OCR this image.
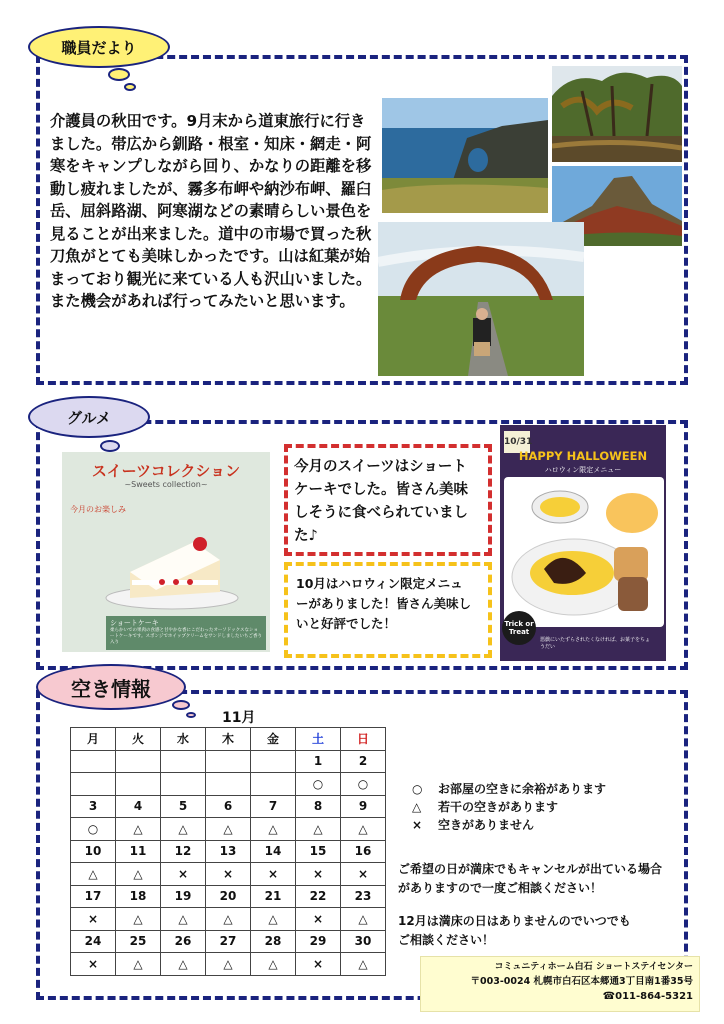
職員だより
介護員の秋田です。9月末から道東旅行に行きました。帯広から釧路・根室・知床・網走・阿寒をキャンプしながら回り、かなりの距離を移動し疲れましたが、霧多布岬や納沙布岬、羅臼岳、屈斜路湖、阿寒湖などの素晴らしい景色を見ることが出来ました。道中の市場で買った秋刀魚がとても美味しかったです。山は紅葉が始まっており観光に来ている人も沢山いました。また機会があれば行ってみたいと思います。
グルメ
スイーツコレクション
~Sweets collection~
今月のお楽しみ
ショートケーキ
柔らかいでの果肉の食感と甘やかな香にこだわったオーソドックスなショートケーキです。スポンジでホイップクリームをサンドしましたいちご香り入り
今月のスイーツはショートケーキでした。皆さん美味しそうに食べられていました♪
10月はハロウィン限定メニューがありました！皆さん美味しいと好評でした！
10/31
HAPPY HALLOWEEN
ハロウィン限定メニュー
Trick or Treat
悪戯にいたずらされたくなければ、お菓子をちょうだい
空き情報
11月
月	火	水	木	金	土	日
					1	2
					○	○
3	4	5	6	7	8	9
○	△	△	△	△	△	△
10	11	12	13	14	15	16
△	△	×	×	×	×	×
17	18	19	20	21	22	23
×	△	△	△	△	×	△
24	25	26	27	28	29	30
×	△	△	△	△	×	△
○ お部屋の空きに余裕があります
△ 若干の空きがあります
× 空きがありません
ご希望の日が満床でもキャンセルが出ている場合がありますので一度ご相談ください！
12月は満床の日はありませんのでいつでもご相談ください！
コミュニティホーム白石 ショートステイセンター
〒003-0024 札幌市白石区本郷通3丁目南1番35号
☎011-864-5321
